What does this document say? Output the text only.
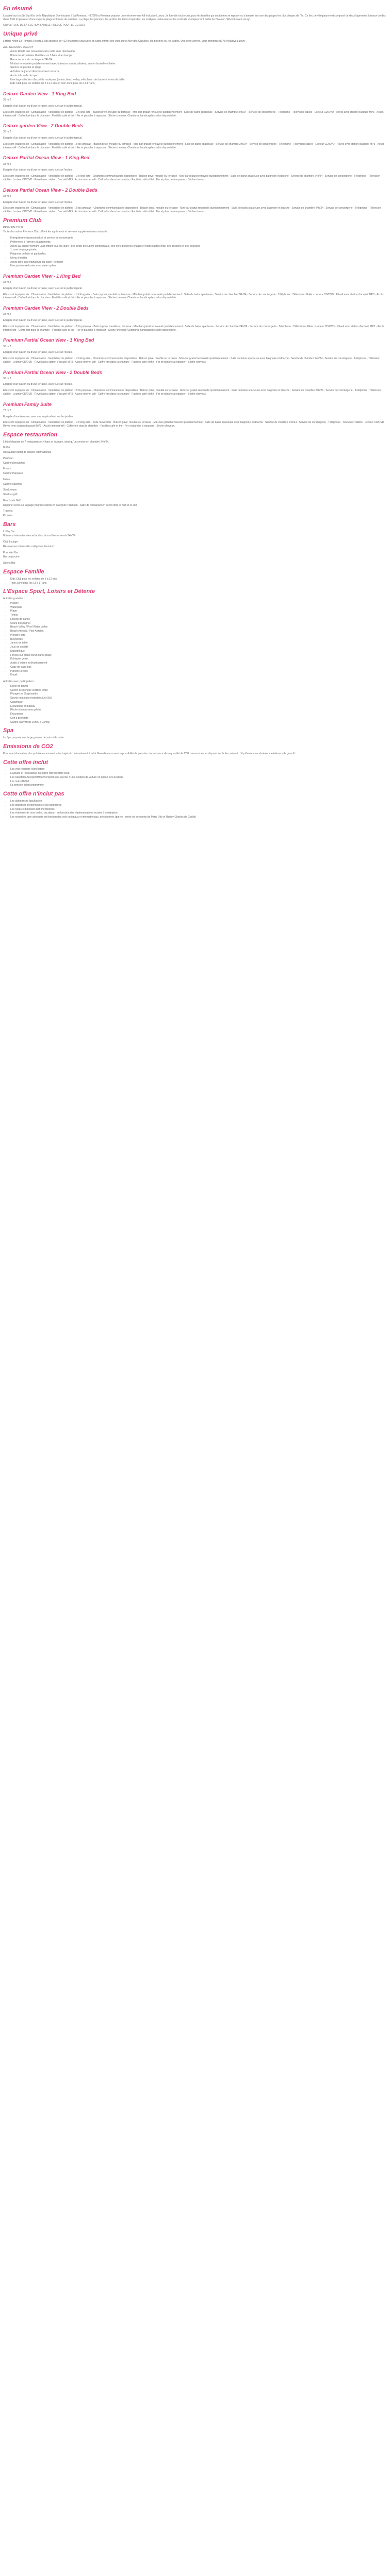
En résumé

Localisé sur la côte Sud-Est de la République Dominicaine à La Romana, HILTON la Romana propose un environnement All Inclusive Luxury ; le formule tout inclus, pour les familles qui souhaitent se reposer ou s'amuser sur une des plages les plus vierges de l'île. Ce lieu de villégiature est composé de deux logements luxueux bordés d'une forêt tropicale et d'une superbe plage entourée de palmiers. La plage, les piscines, les jardins, les terres tropicales, les multiples restaurants et les cocktails exotiques font partie de l'évasion "All-Inclusive Luxury".

OUVERTURE DE LA SECTION FAMILLE PREVUE POUR LE 01/12/19

Unique privé

L'Hôtel Hilton La Romana Resort & Spa dispose de 412 chambres luxueuses et suites offrant des vues sur la Mer des Caraïbes, les piscines ou les jardins. Des cette arrivée, vous profiterez du All-Inclusive Luxury :

ALL-INCLUSIVE LUXURY

• Accès illimité aux restaurants à la carte sans réservation
• Boissons alcoolisées illimitées sur 3 bars et au lounge
• Room service et conciergerie 24h/24
• Minibar renouvelé quotidiennement avec boissons non alcoolisées, eau en bouteille et bière
• Service de piscine et plage
• Activités de jour et divertissement nocturne
• Accès à la salle de sport
• Une large sélection d'activités nautiques (tennis, beachvolley, vélo, leçon de danse) / tennis de table
• Kids Club pour les enfants de 5 à 12 ans et Teen Zone pour les 13-17 ans.
Deluxe Garden View - 1 King Bed

38 m 2

Equipée d'un balcon ou d'une terrasse, avec vue sur le jardin tropical.

Elles sont équipées de : Climatisation · Ventilateur de plafond · 1 lit king-size · Balcon privé, meublé ou terrasse · Mini-bar gratuit renouvelé quotidiennement · Salle de bains spacieuse · Service de chambre 24h/24 · Service de conciergerie · Téléphone · Télévision câblée · Lecteur CD/DVD · Réveil avec station d'accueil MP3 · Accès internet wifi · Coffre-fort dans la chambre · Facilités café et thé · Fer et planche à repasser · Sèche-cheveux. Chambres handicapées selon disponibilité.

Deluxe garden View - 2 Double Beds

38 m 2

Equipée d'un balcon ou d'une terrasse, avec vue sur le jardin tropical.

Elles sont équipées de : Climatisation · Ventilateur de plafond · 2 lits jumeaux · Balcon privé, meublé ou terrasse · Mini-bar gratuit renouvelé quotidiennement · Salle de bains spacieuse · Service de chambre 24h/24 · Service de conciergerie · Téléphone · Télévision câblée · Lecteur CD/DVD · Réveil avec station d'accueil MP3 · Accès internet wifi · Coffre-fort dans la chambre · Facilités café et thé · Fer et planche à repasser · Sèche-cheveux. Chambres handicapées selon disponibilité.

Deluxe Partial Ocean View - 1 King Bed

38 m 2

Equipée d'un balcon ou d'une terrasse, avec vue sur l'océan.

Elles sont équipées de : Climatisation · Ventilateur de plafond · 1 lit king-size · Chambres communicantes disponibles · Balcon privé, meublé ou terrasse · Mini-bar gratuit renouvelé quotidiennement · Salle de bains spacieuse avec baignoire et douche · Service de chambre 24h/24 · Service de conciergerie · Téléphone · Télévision câblée · Lecteur CD/DVD · Réveil avec station d'accueil MP3 · Accès internet wifi · Coffre-fort dans la chambre · Facilités café et thé · Fer et planche à repasser · Sèche-cheveux.

Deluxe Partial Ocean View - 2 Double Beds

38 m 2

Equipée d'un balcon ou d'une terrasse, avec vue sur l'océan.

Elles sont équipées de : Climatisation · Ventilateur de plafond · 2 lits jumeaux · Chambres communicantes disponibles · Balcon privé, meublé ou terrasse · Mini-bar gratuit renouvelé quotidiennement · Salle de bains spacieuse avec baignoire et douche · Service de chambre 24h/24 · Service de conciergerie · Téléphone · Télévision câblée · Lecteur CD/DVD · Réveil avec station d'accueil MP3 · Accès internet wifi · Coffre-fort dans la chambre · Facilités café et thé · Fer et planche à repasser · Sèche-cheveux.

Premium Club

PREMIUM CLUB

Toutes les suites Premium Club offrent les agréments et services supplémentaires suivants :

• Enregistrement personnalisé et service de conciergerie
• Préférence à l'arrivée et agréments
• Accès au salon Premium Club offrant tous les jours : des petits-déjeuners continentaux, des hors d'oeuvres chauds et froids l'après-midi, des desserts et des boissons
• 1 zone de plage privée
• Peignoirs de bain et pantoufles
• Menu d'oreiller
• Accès libre aux ordinateurs du salon Premium
• Une piscine exclusive avec swim up bar
Premium Garden View - 1 King Bed

38 m 2

Equipée d'un balcon ou d'une terrasse, avec vue sur le jardin tropical.

Elles sont équipées de : Climatisation · Ventilateur de plafond · 1 lit king-size · Balcon privé, meublé ou terrasse · Mini-bar gratuit renouvelé quotidiennement · Salle de bains spacieuse · Service de chambre 24h/24 · Service de conciergerie · Téléphone · Télévision câblée · Lecteur CD/DVD · Réveil avec station d'accueil MP3 · Accès internet wifi · Coffre-fort dans la chambre · Facilités café et thé · Fer et planche à repasser · Sèche-cheveux. Chambres handicapées selon disponibilité.

Premium Garden View - 2 Double Beds

38 m 2

Equipée d'un balcon ou d'une terrasse, avec vue sur le jardin tropical.

Elles sont équipées de : Climatisation · Ventilateur de plafond · 2 lits jumeaux · Balcon privé, meublé ou terrasse · Mini-bar gratuit renouvelé quotidiennement · Salle de bains spacieuse · Service de chambre 24h/24 · Service de conciergerie · Téléphone · Télévision câblée · Lecteur CD/DVD · Réveil avec station d'accueil MP3 · Accès internet wifi · Coffre-fort dans la chambre · Facilités café et thé · Fer et planche à repasser · Sèche-cheveux. Chambres handicapées selon disponibilité.

Premium Partial Ocean View - 1 King Bed

38 m 2

Equipée d'un balcon ou d'une terrasse, avec vue sur l'océan.

Elles sont équipées de : Climatisation · Ventilateur de plafond · 1 lit king-size · Chambres communicantes disponibles · Balcon privé, meublé ou terrasse · Mini-bar gratuit renouvelé quotidiennement · Salle de bains spacieuse avec baignoire et douche · Service de chambre 24h/24 · Service de conciergerie · Téléphone · Télévision câblée · Lecteur CD/DVD · Réveil avec station d'accueil MP3 · Accès internet wifi · Coffre-fort dans la chambre · Facilités café et thé · Fer et planche à repasser · Sèche-cheveux.

Premium Partial Ocean View - 2 Double Beds

38 m 2

Equipée d'un balcon ou d'une terrasse, avec vue sur l'océan.

Elles sont équipées de : Climatisation · Ventilateur de plafond · 2 lits jumeaux · Chambres communicantes disponibles · Balcon privé, meublé ou terrasse · Mini-bar gratuit renouvelé quotidiennement · Salle de bains spacieuse avec baignoire et douche · Service de chambre 24h/24 · Service de conciergerie · Téléphone · Télévision câblée · Lecteur CD/DVD · Réveil avec station d'accueil MP3 · Accès internet wifi · Coffre-fort dans la chambre · Facilités café et thé · Fer et planche à repasser · Sèche-cheveux.

Premium Family Suite

77 m 2

Equipée d'une terrasse, avec vue surplombant sur les jardins.

Elles sont équipées de : Climatisation · Ventilateur de plafond · 1 lit king-size · Sofa convertible · Balcon privé, meublé ou terrasse · Mini-bar gratuit renouvelé quotidiennement · Salle de bains spacieuse avec baignoire et douche · Service de chambre 24h/24 · Service de conciergerie · Téléphone · Télévision câblée · Lecteur CD/DVD · Réveil avec station d'accueil MP3 · Accès internet wifi · Coffre-fort dans la chambre · Facilités café et thé · Fer et planche à repasser · Sèche-cheveux.

Espace restauration

L'hôtel dispose de 7 restaurants et 4 bars et lounges, ainsi qu'un service en chambre 24h/24.

Buffet

Restaurant buffet de cuisine internationale

Peruvian

Cuisine péruvienne

French

Cuisine française

Italian

Cuisine italienne

Steakhouse

Steak et grill

Beachside Grill

Déjeuner servi sur la plage pour les clients en catégorie Premium · Salle de restaurant en accès libre le midi et le soir

Trattoria

Pizzeria

Bars

Lobby Bar

Boissons internationales et locales, vins et bières servis 24h/24

Club Lounge

Réservé aux clients des catégories Premium

Pool Wet Bar

Bar de piscine

Sports Bar

Espace Famille
• Kids Club pour les enfants de 5 à 12 ans
• Teen Zone pour les 13 à 17 ans
L'Espace Sport, Loisirs et Détente

Activités gratuites :

• Piscine
• Waterpark
• Plage
• Tennis
• Leçons de danse
• Cours d'espagnol
• Beach Volley / Pool Water Volley
• Beach Aerobic / Pool Aerobic
• Plongée libre
• Bicyclettes
• Jannis de table
• Jeux de société
• Discothèque
• Fitness sur grand écran sur la plage
• Échiquier géant
• Audio à thème et divertissement
• Cage de base-ball
• Planche à voile
• Kayak

Activités avec participation :

• École de tennis
• Centre de plongée certifiée PADI
• Plongée en Scaphandre
• Sports nautiques motorisés (Jet-Ski)
• Catamaran
• Excursions en bateau
• Pêche et excursions pêche
• Excursions
• Golf à proximité
• Casino (Ouvert de 16h00 à 03h00)
Spa

Le Spa propose une large gamme de soins à la carte.

Emissions de CO2

Pour une information plus précise concernant votre trajet et conformément à la loi Grenelle vous avez la possibilité de prendre connaissance de la quantité de CO2 consommée en cliquant sur le lien suivant : http://www.eco-calculateur.aviation-civile.gouv.fr/

Cette offre inclut
• Les vols réguliers Aller/Retour
• L'accueil et l'assistance par notre représentant local
• Les transferts Aéroport/Hôtel/Aéroport seul si prise d'une location de voiture en option lors du devis
• Les nuits d'hôtel
• La pension selon programme
Cette offre n'inclut pas
• Les assurances facultatives
• Les dépenses personnelles et les pourboires
• Les repas et boissons non mentionnés
• Les évènements hors du lieu du séjour : en fonction des réglementations locales à destination
• Les nouvelles taxe aéroports en fonction des vols nationaux et internationaux, sélectionnés (par ex : entre les aéroports de Paris-Orly et Roissy-Charles de Gaulle)
